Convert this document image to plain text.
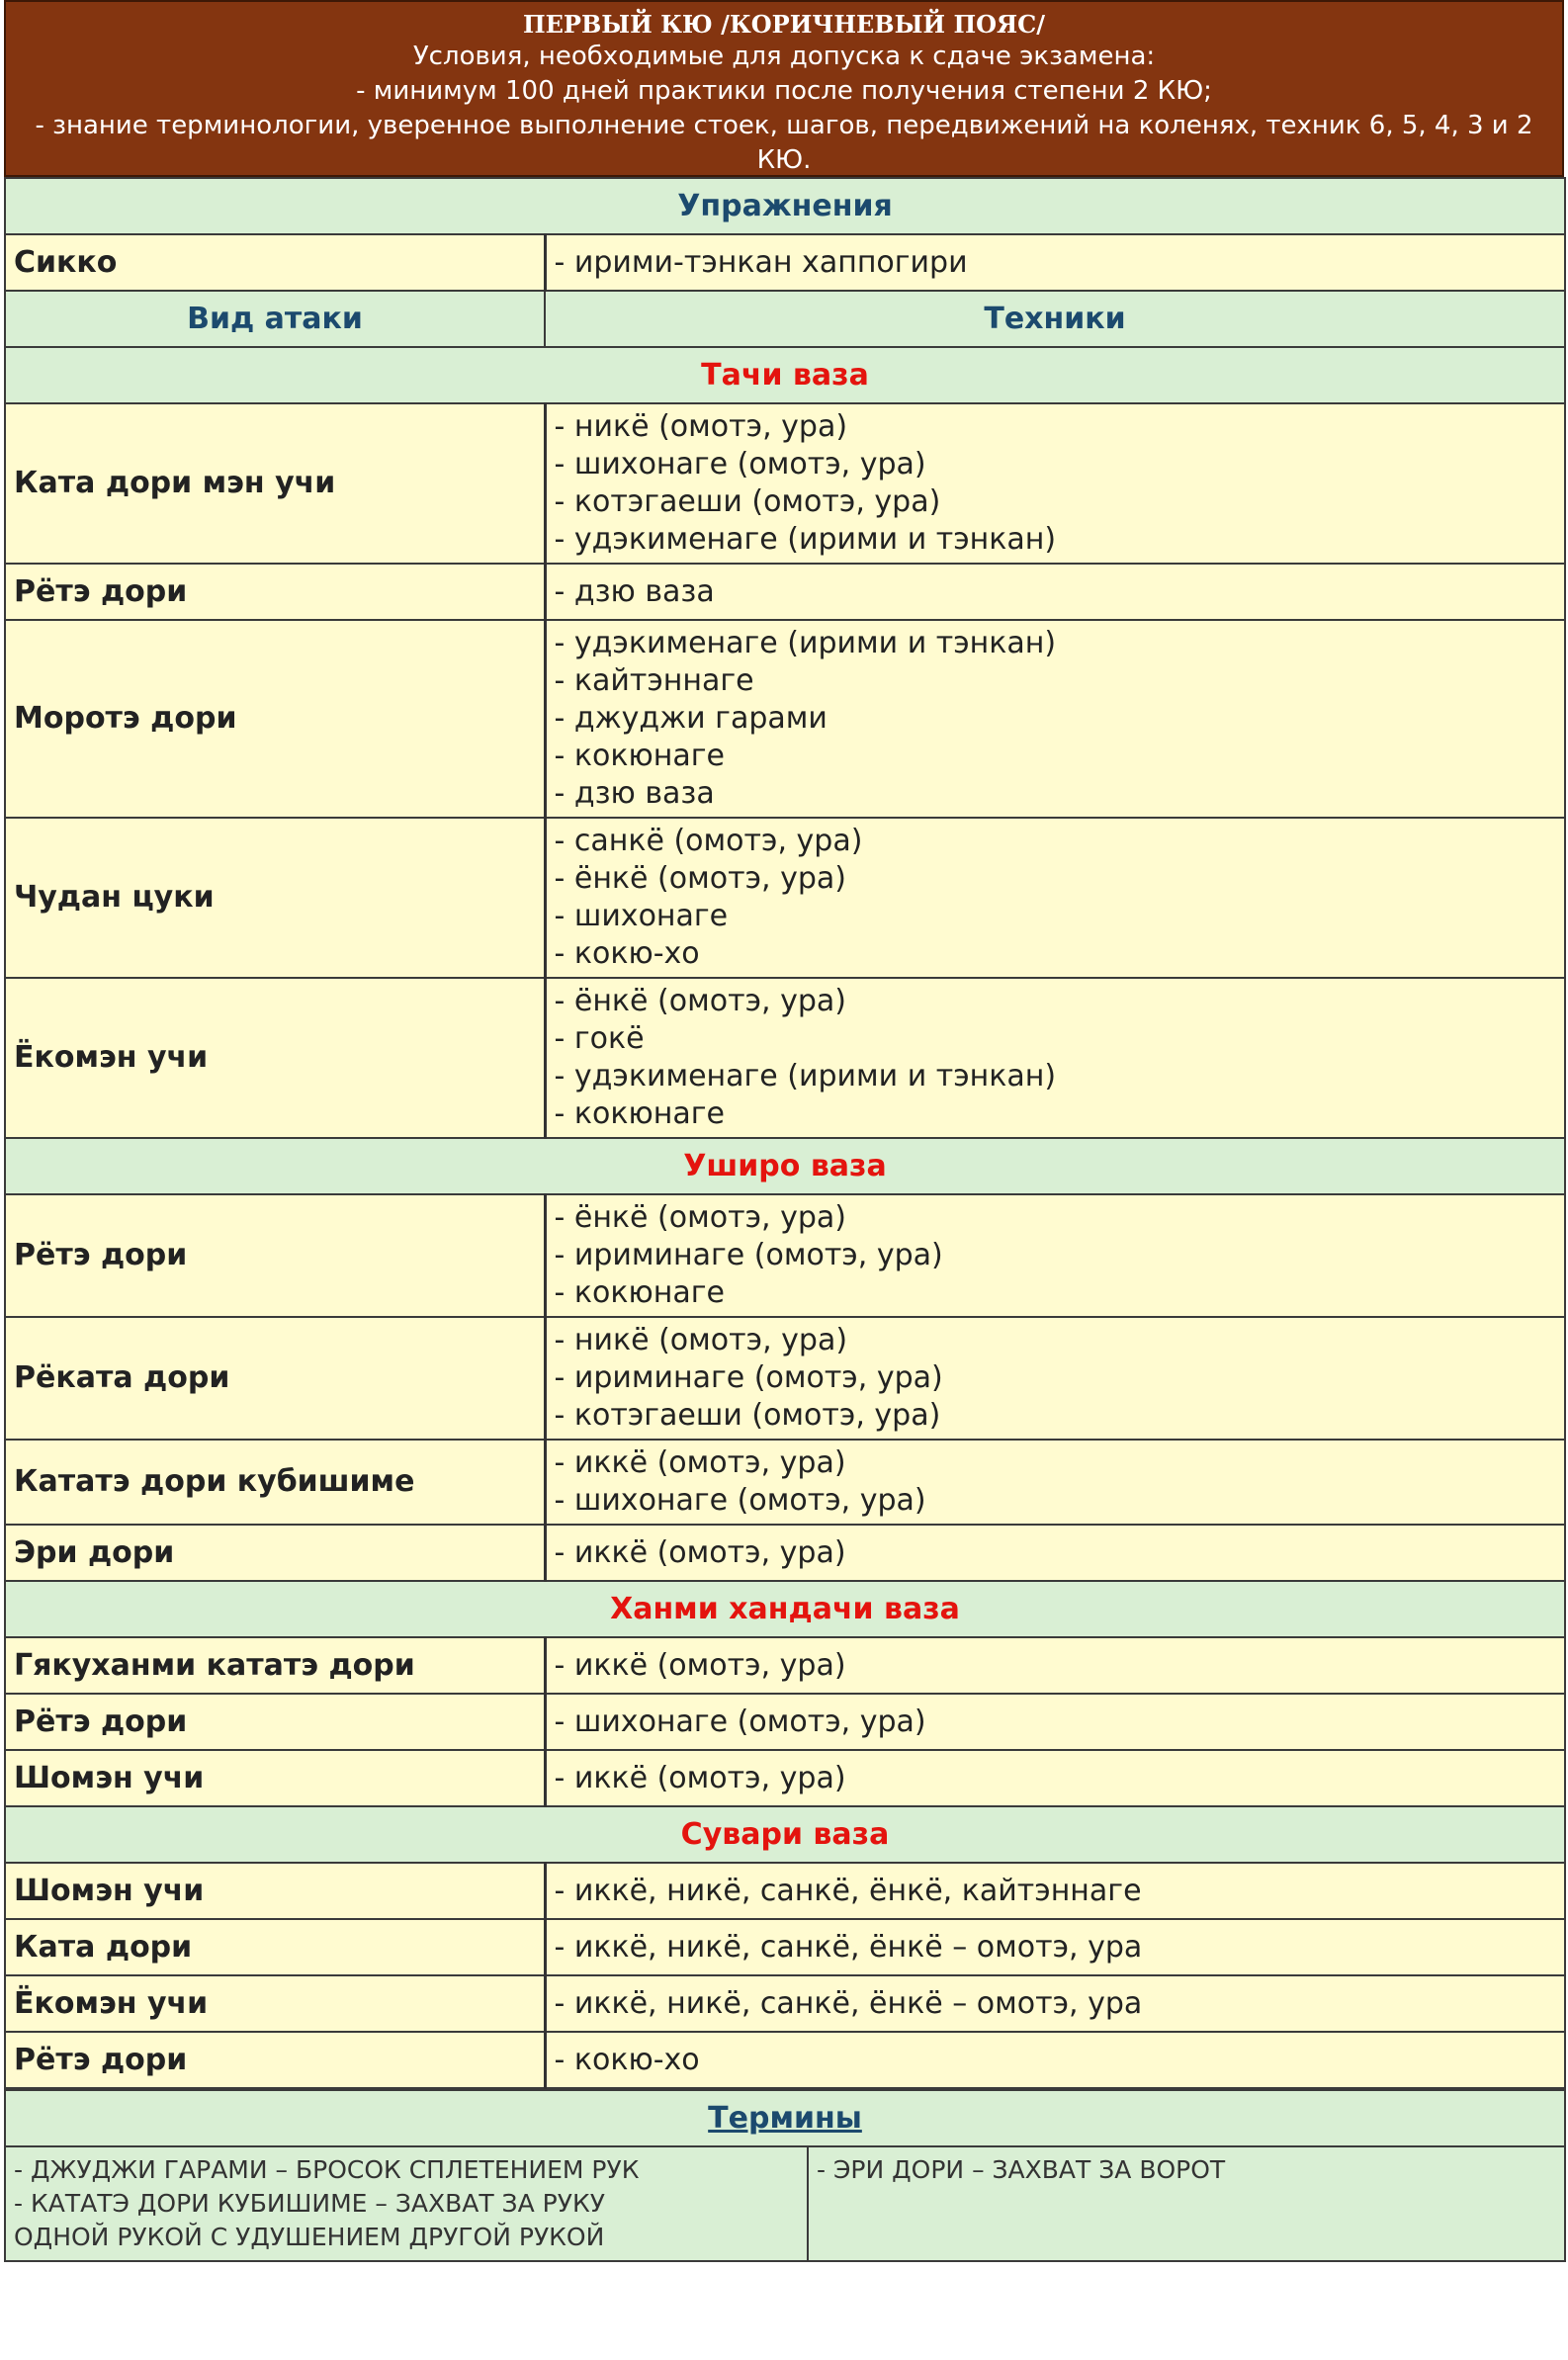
ПЕРВЫЙ КЮ /КОРИЧНЕВЫЙ ПОЯС/
Условия, необходимые для допуска к сдаче экзамена:
- минимум 100 дней практики после получения степени 2 КЮ;
- знание терминологии, уверенное выполнение стоек, шагов, передвижений на коленях, техник 6, 5, 4, 3 и 2 КЮ.
Упражнения	
Сикко	- ирими-тэнкан хаппогири
Вид атаки	Техники
Тачи ваза	
Ката дори мэн учи	- никё (омотэ, ура)
- шихонаге (омотэ, ура)
- котэгаеши (омотэ, ура)
- удэкименаге (ирими и тэнкан)

Рётэ дори	- дзю ваза

Моротэ дори	- удэкименаге (ирими и тэнкан)
- кайтэннаге
- джуджи гарами
- кокюнаге
- дзю ваза

Чудан цуки	- санкё (омотэ, ура)
- ёнкё (омотэ, ура)
- шихонаге
- кокю-хо

Ёкомэн учи	- ёнкё (омотэ, ура)
- гокё
- удэкименаге (ирими и тэнкан)
- кокюнаге

Уширо ваза	
Рётэ дори	- ёнкё (омотэ, ура)
- ириминаге (омотэ, ура)
- кокюнаге

Рёката дори	- никё (омотэ, ура)
- ириминаге (омотэ, ура)
- котэгаеши (омотэ, ура)

Кататэ дори кубишиме	- иккё (омотэ, ура)
- шихонаге (омотэ, ура)

Эри дори	- иккё (омотэ, ура)

Ханми хандачи ваза	
Гякуханми кататэ дори	- иккё (омотэ, ура)

Рётэ дори	- шихонаге (омотэ, ура)

Шомэн учи	- иккё (омотэ, ура)

Сувари ваза	
Шомэн учи	- иккё, никё, санкё, ёнкё, кайтэннаге

Ката дори	- иккё, никё, санкё, ёнкё – омотэ, ура

Ёкомэн учи	- иккё, никё, санкё, ёнкё – омотэ, ура

Рётэ дори	- кокю-хо
Термины

- ДЖУДЖИ ГАРАМИ – БРОСОК СПЛЕТЕНИЕМ РУК
- КАТАТЭ ДОРИ КУБИШИМЕ – ЗАХВАТ ЗА РУКУ
ОДНОЙ РУКОЙ С УДУШЕНИЕМ ДРУГОЙ РУКОЙ

- ЭРИ ДОРИ – ЗАХВАТ ЗА ВОРОТ
